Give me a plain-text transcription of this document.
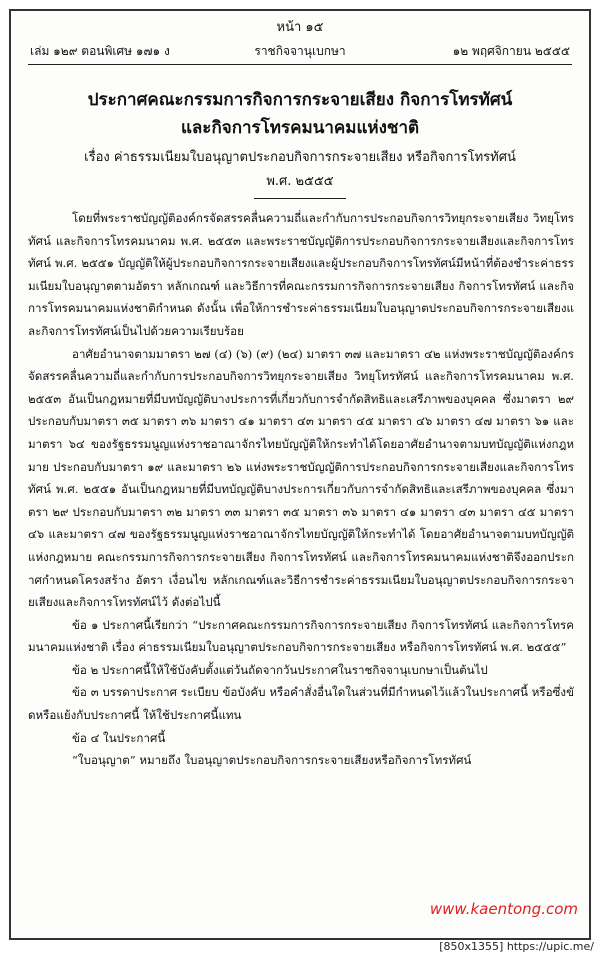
หน้า ๑๕
เล่ม ๑๒๙ ตอนพิเศษ ๑๗๑ ง	ราชกิจจานุเบกษา	๑๒ พฤศจิกายน ๒๕๕๕
ประกาศคณะกรรมการกิจการกระจายเสียง กิจการโทรทัศน์
และกิจการโทรคมนาคมแห่งชาติ
เรื่อง ค่าธรรมเนียมใบอนุญาตประกอบกิจการกระจายเสียง หรือกิจการโทรทัศน์
พ.ศ. ๒๕๕๕

โดยที่พระราชบัญญัติองค์กรจัดสรรคลื่นความถี่และกำกับการประกอบกิจการวิทยุกระจายเสียง วิทยุโทรทัศน์ และกิจการโทรคมนาคม พ.ศ. ๒๕๕๓ และพระราชบัญญัติการประกอบกิจการกระจายเสียงและกิจการโทรทัศน์ พ.ศ. ๒๕๕๑ บัญญัติให้ผู้ประกอบกิจการกระจายเสียงและผู้ประกอบกิจการโทรทัศน์มีหน้าที่ต้องชำระค่าธรรมเนียมใบอนุญาตตามอัตรา หลักเกณฑ์ และวิธีการที่คณะกรรมการกิจการกระจายเสียง กิจการโทรทัศน์ และกิจการโทรคมนาคมแห่งชาติกำหนด ดังนั้น เพื่อให้การชำระค่าธรรมเนียมใบอนุญาตประกอบกิจการกระจายเสียงและกิจการโทรทัศน์เป็นไปด้วยความเรียบร้อย

อาศัยอำนาจตามมาตรา ๒๗ (๔) (๖) (๙) (๒๔) มาตรา ๓๗ และมาตรา ๔๒ แห่งพระราชบัญญัติองค์กรจัดสรรคลื่นความถี่และกำกับการประกอบกิจการวิทยุกระจายเสียง วิทยุโทรทัศน์ และกิจการโทรคมนาคม พ.ศ. ๒๕๕๓ อันเป็นกฎหมายที่มีบทบัญญัติบางประการที่เกี่ยวกับการจำกัดสิทธิและเสรีภาพของบุคคล ซึ่งมาตรา ๒๙ ประกอบกับมาตรา ๓๕ มาตรา ๓๖ มาตรา ๔๑ มาตรา ๔๓ มาตรา ๔๕ มาตรา ๔๖ มาตรา ๔๗ มาตรา ๖๑ และมาตรา ๖๔ ของรัฐธรรมนูญแห่งราชอาณาจักรไทยบัญญัติให้กระทำได้โดยอาศัยอำนาจตามบทบัญญัติแห่งกฎหมาย ประกอบกับมาตรา ๑๙ และมาตรา ๒๖ แห่งพระราชบัญญัติการประกอบกิจการกระจายเสียงและกิจการโทรทัศน์ พ.ศ. ๒๕๕๑ อันเป็นกฎหมายที่มีบทบัญญัติบางประการเกี่ยวกับการจำกัดสิทธิและเสรีภาพของบุคคล ซึ่งมาตรา ๒๙ ประกอบกับมาตรา ๓๒ มาตรา ๓๓ มาตรา ๓๕ มาตรา ๓๖ มาตรา ๔๑ มาตรา ๔๓ มาตรา ๔๕ มาตรา ๔๖ และมาตรา ๔๗ ของรัฐธรรมนูญแห่งราชอาณาจักรไทยบัญญัติให้กระทำได้ โดยอาศัยอำนาจตามบทบัญญัติแห่งกฎหมาย คณะกรรมการกิจการกระจายเสียง กิจการโทรทัศน์ และกิจการโทรคมนาคมแห่งชาติจึงออกประกาศกำหนดโครงสร้าง อัตรา เงื่อนไข หลักเกณฑ์และวิธีการชำระค่าธรรมเนียมใบอนุญาตประกอบกิจการกระจายเสียงและกิจการโทรทัศน์ไว้ ดังต่อไปนี้

ข้อ ๑ ประกาศนี้เรียกว่า “ประกาศคณะกรรมการกิจการกระจายเสียง กิจการโทรทัศน์ และกิจการโทรคมนาคมแห่งชาติ เรื่อง ค่าธรรมเนียมใบอนุญาตประกอบกิจการกระจายเสียง หรือกิจการโทรทัศน์ พ.ศ. ๒๕๕๕”

ข้อ ๒ ประกาศนี้ให้ใช้บังคับตั้งแต่วันถัดจากวันประกาศในราชกิจจานุเบกษาเป็นต้นไป

ข้อ ๓ บรรดาประกาศ ระเบียบ ข้อบังคับ หรือคำสั่งอื่นใดในส่วนที่มีกำหนดไว้แล้วในประกาศนี้ หรือซึ่งขัดหรือแย้งกับประกาศนี้ ให้ใช้ประกาศนี้แทน

ข้อ ๔ ในประกาศนี้

“ใบอนุญาต” หมายถึง ใบอนุญาตประกอบกิจการกระจายเสียงหรือกิจการโทรทัศน์

www.kaentong.com
[850x1355] https://upic.me/
